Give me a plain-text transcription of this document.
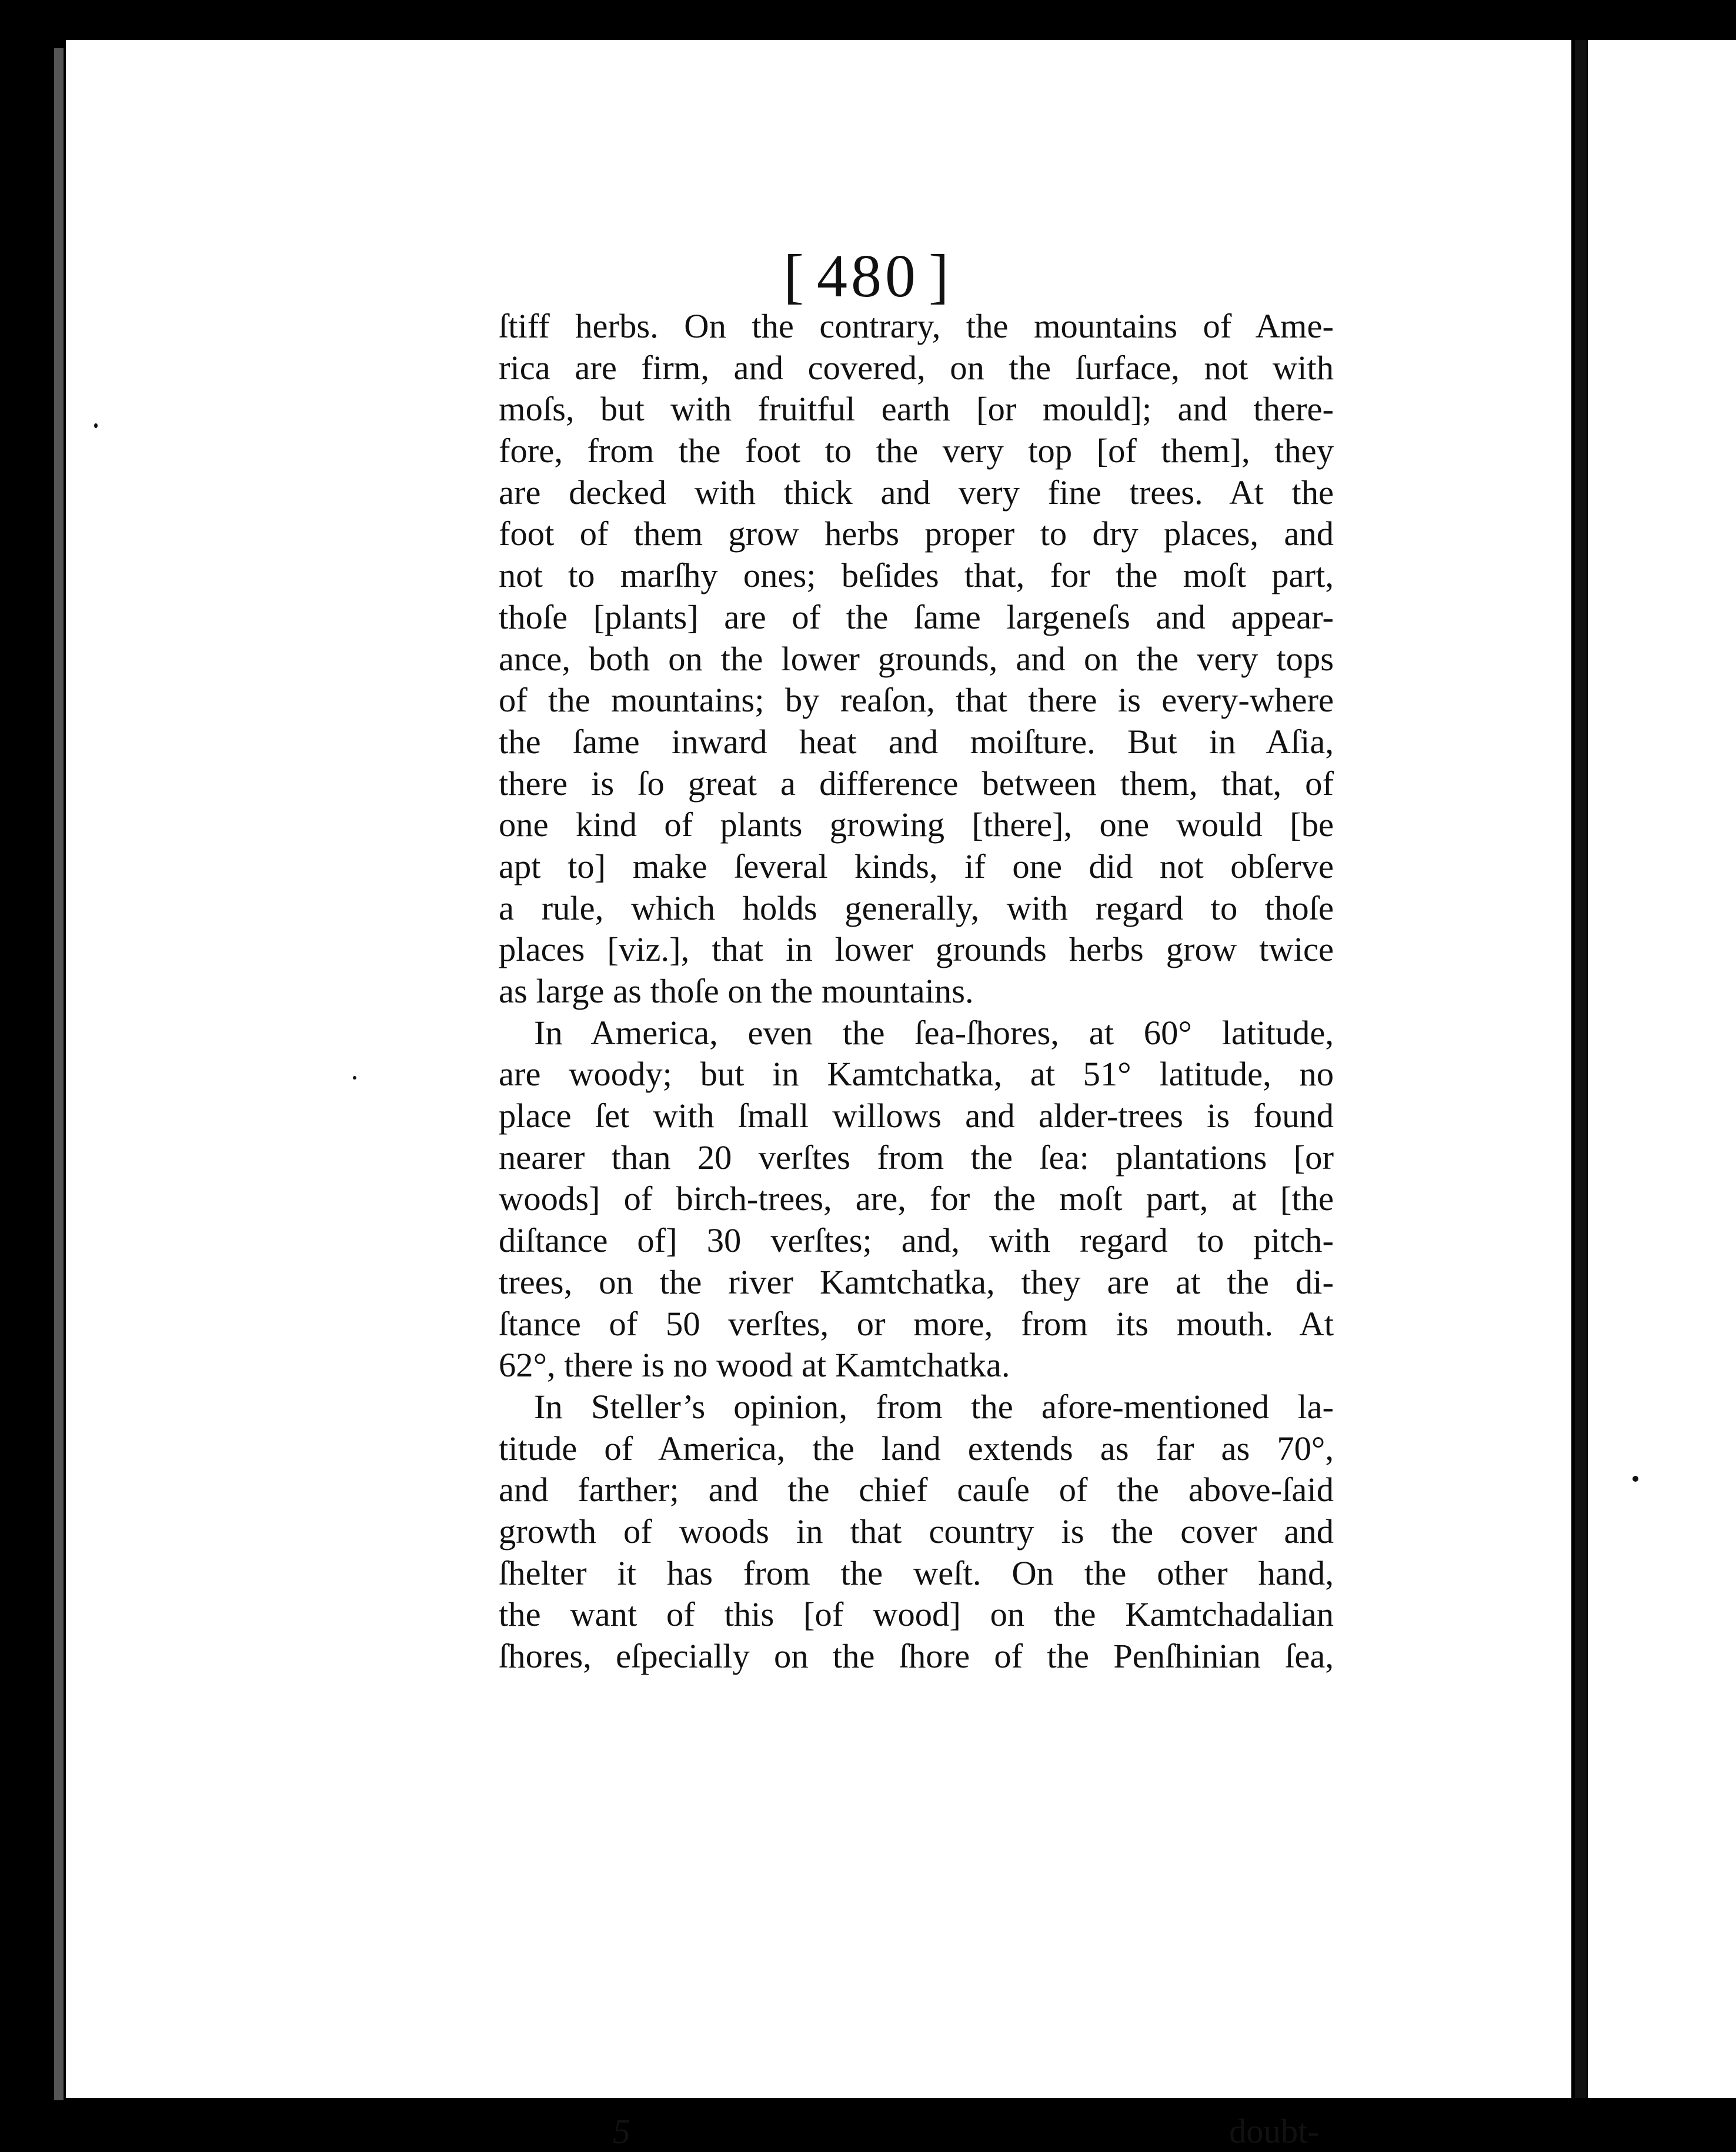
[ 480 ]
ſtiff herbs. On the contrary, the mountains of Ame-
rica are firm, and covered, on the ſurface, not with
moſs, but with fruitful earth [or mould]; and there-
fore, from the foot to the very top [of them], they
are decked with thick and very fine trees. At the
foot of them grow herbs proper to dry places, and
not to marſhy ones; beſides that, for the moſt part,
thoſe [plants] are of the ſame largeneſs and appear-
ance, both on the lower grounds, and on the very tops
of the mountains; by reaſon, that there is every-where
the ſame inward heat and moiſture. But in Aſia,
there is ſo great a difference between them, that, of
one kind of plants growing [there], one would [be
apt to] make ſeveral kinds, if one did not obſerve
a rule, which holds generally, with regard to thoſe
places [viz.], that in lower grounds herbs grow twice
as large as thoſe on the mountains.
In America, even the ſea-ſhores, at 60° latitude,
are woody; but in Kamtchatka, at 51° latitude, no
place ſet with ſmall willows and alder-trees is found
nearer than 20 verſtes from the ſea: plantations [or
woods] of birch-trees, are, for the moſt part, at [the
diſtance of] 30 verſtes; and, with regard to pitch-
trees, on the river Kamtchatka, they are at the di-
ſtance of 50 verſtes, or more, from its mouth. At
62°, there is no wood at Kamtchatka.
In Steller’s opinion, from the afore-mentioned la-
titude of America, the land extends as far as 70°,
and farther; and the chief cauſe of the above-ſaid
growth of woods in that country is the cover and
ſhelter it has from the weſt. On the other hand,
the want of this [of wood] on the Kamtchadalian
ſhores, eſpecially on the ſhore of the Penſhinian ſea,
5	doubt-
